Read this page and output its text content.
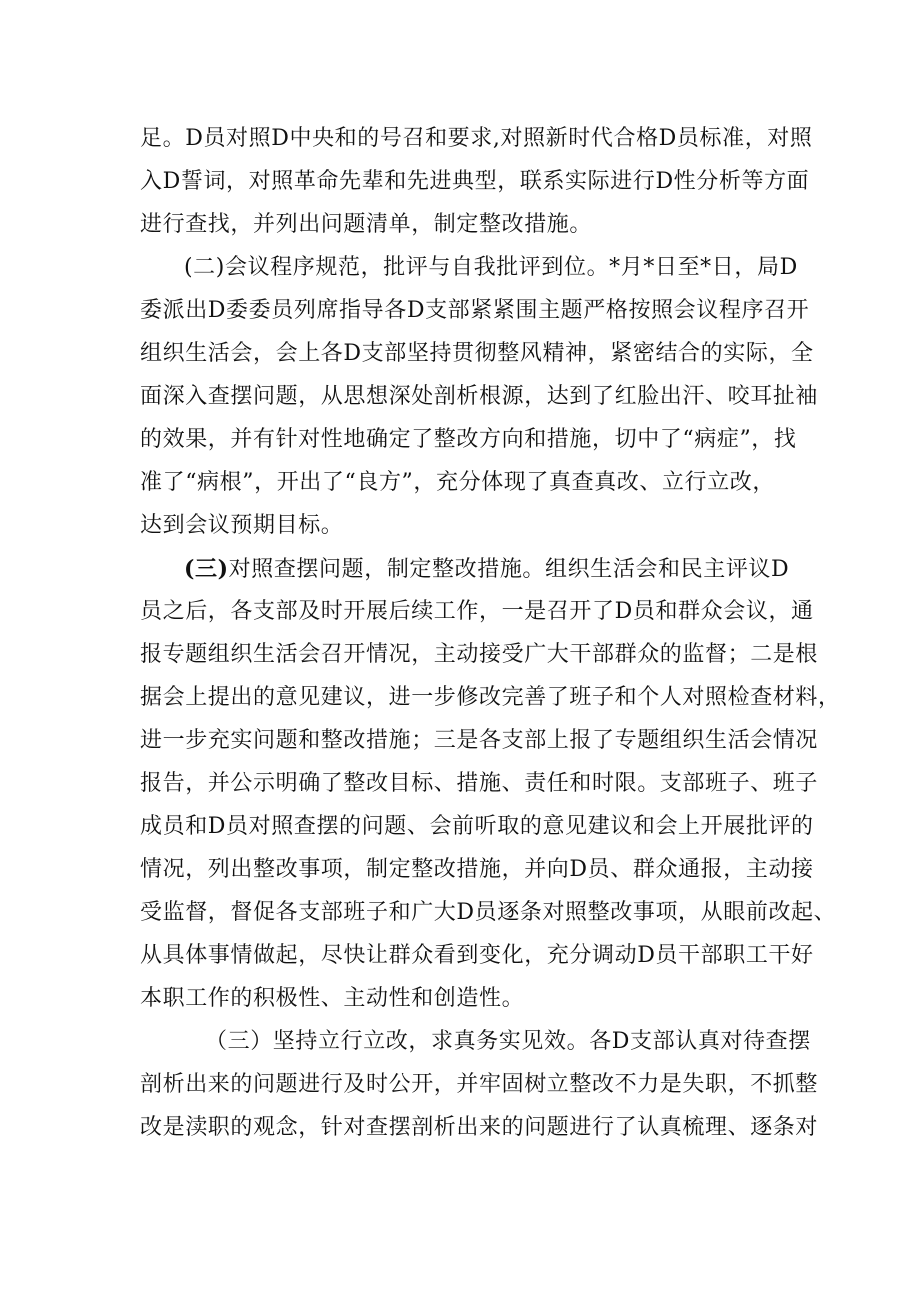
足。D员对照D中央和的号召和要求,对照新时代合格D员标准，对照
入D誓词，对照革命先辈和先进典型，联系实际进行D性分析等方面
进行查找，并列出问题清单，制定整改措施。
(二)会议程序规范，批评与自我批评到位。*月*日至*日，局D
委派出D委委员列席指导各D支部紧紧围主题严格按照会议程序召开
组织生活会，会上各D支部坚持贯彻整风精神，紧密结合的实际，全
面深入查摆问题，从思想深处剖析根源，达到了红脸出汗、咬耳扯袖
的效果，并有针对性地确定了整改方向和措施，切中了“病症”，找
准了“病根”，开出了“良方”，充分体现了真查真改、立行立改，
达到会议预期目标。
(三)对照查摆问题，制定整改措施。组织生活会和民主评议D
员之后，各支部及时开展后续工作，一是召开了D员和群众会议，通
报专题组织生活会召开情况，主动接受广大干部群众的监督；二是根
据会上提出的意见建议，进一步修改完善了班子和个人对照检查材料，
进一步充实问题和整改措施；三是各支部上报了专题组织生活会情况
报告，并公示明确了整改目标、措施、责任和时限。支部班子、班子
成员和D员对照查摆的问题、会前听取的意见建议和会上开展批评的
情况，列出整改事项，制定整改措施，并向D员、群众通报，主动接
受监督，督促各支部班子和广大D员逐条对照整改事项，从眼前改起、
从具体事情做起，尽快让群众看到变化，充分调动D员干部职工干好
本职工作的积极性、主动性和创造性。
（三）坚持立行立改，求真务实见效。各D支部认真对待查摆
剖析出来的问题进行及时公开，并牢固树立整改不力是失职，不抓整
改是渎职的观念，针对查摆剖析出来的问题进行了认真梳理、逐条对
